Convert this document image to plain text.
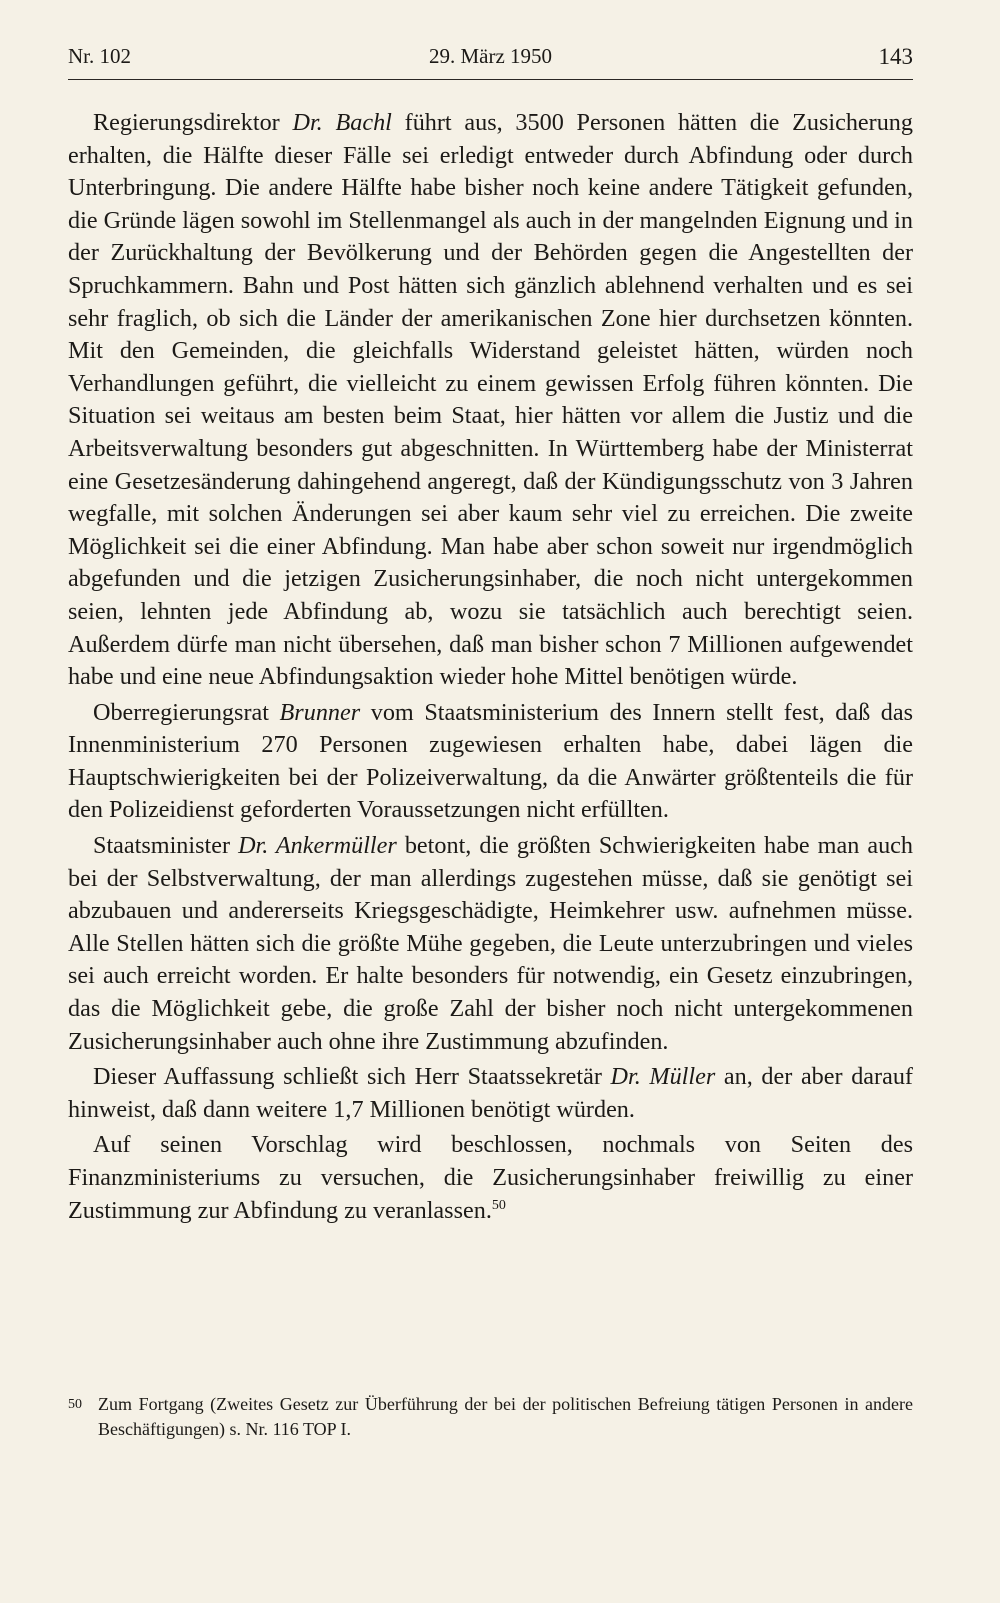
Nr. 102	29. März 1950	143

Regierungsdirektor Dr. Bachl führt aus, 3500 Personen hätten die Zusicherung erhalten, die Hälfte dieser Fälle sei erledigt entweder durch Abfindung oder durch Unterbringung. Die andere Hälfte habe bisher noch keine andere Tätigkeit gefunden, die Gründe lägen sowohl im Stellenmangel als auch in der mangelnden Eignung und in der Zurückhaltung der Bevölkerung und der Behörden gegen die Angestellten der Spruchkammern. Bahn und Post hätten sich gänzlich ablehnend verhalten und es sei sehr fraglich, ob sich die Länder der amerikanischen Zone hier durchsetzen könnten. Mit den Gemeinden, die gleichfalls Widerstand geleistet hätten, würden noch Verhandlungen geführt, die vielleicht zu einem gewissen Erfolg führen könnten. Die Situation sei weitaus am besten beim Staat, hier hätten vor allem die Justiz und die Arbeitsverwaltung besonders gut abgeschnitten. In Württemberg habe der Ministerrat eine Gesetzesänderung dahingehend angeregt, daß der Kündigungsschutz von 3 Jahren wegfalle, mit solchen Änderungen sei aber kaum sehr viel zu erreichen. Die zweite Möglichkeit sei die einer Abfindung. Man habe aber schon soweit nur irgendmöglich abgefunden und die jetzigen Zusicherungsinhaber, die noch nicht untergekommen seien, lehnten jede Abfindung ab, wozu sie tatsächlich auch berechtigt seien. Außerdem dürfe man nicht übersehen, daß man bisher schon 7 Millionen aufgewendet habe und eine neue Abfindungsaktion wieder hohe Mittel benötigen würde.

Oberregierungsrat Brunner vom Staatsministerium des Innern stellt fest, daß das Innenministerium 270 Personen zugewiesen erhalten habe, dabei lägen die Hauptschwierigkeiten bei der Polizeiverwaltung, da die Anwärter größtenteils die für den Polizeidienst geforderten Voraussetzungen nicht erfüllten.

Staatsminister Dr. Ankermüller betont, die größten Schwierigkeiten habe man auch bei der Selbstverwaltung, der man allerdings zugestehen müsse, daß sie genötigt sei abzubauen und andererseits Kriegsgeschädigte, Heimkehrer usw. aufnehmen müsse. Alle Stellen hätten sich die größte Mühe gegeben, die Leute unterzubringen und vieles sei auch erreicht worden. Er halte besonders für notwendig, ein Gesetz einzubringen, das die Möglichkeit gebe, die große Zahl der bisher noch nicht untergekommenen Zusicherungsinhaber auch ohne ihre Zustimmung abzufinden.

Dieser Auffassung schließt sich Herr Staatssekretär Dr. Müller an, der aber darauf hinweist, daß dann weitere 1,7 Millionen benötigt würden.

Auf seinen Vorschlag wird beschlossen, nochmals von Seiten des Finanzministeriums zu versuchen, die Zusicherungsinhaber freiwillig zu einer Zustimmung zur Abfindung zu veranlassen.$^{50}$

50 Zum Fortgang (Zweites Gesetz zur Überführung der bei der politischen Befreiung tätigen Personen in andere Beschäftigungen) s. Nr. 116 TOP I.
